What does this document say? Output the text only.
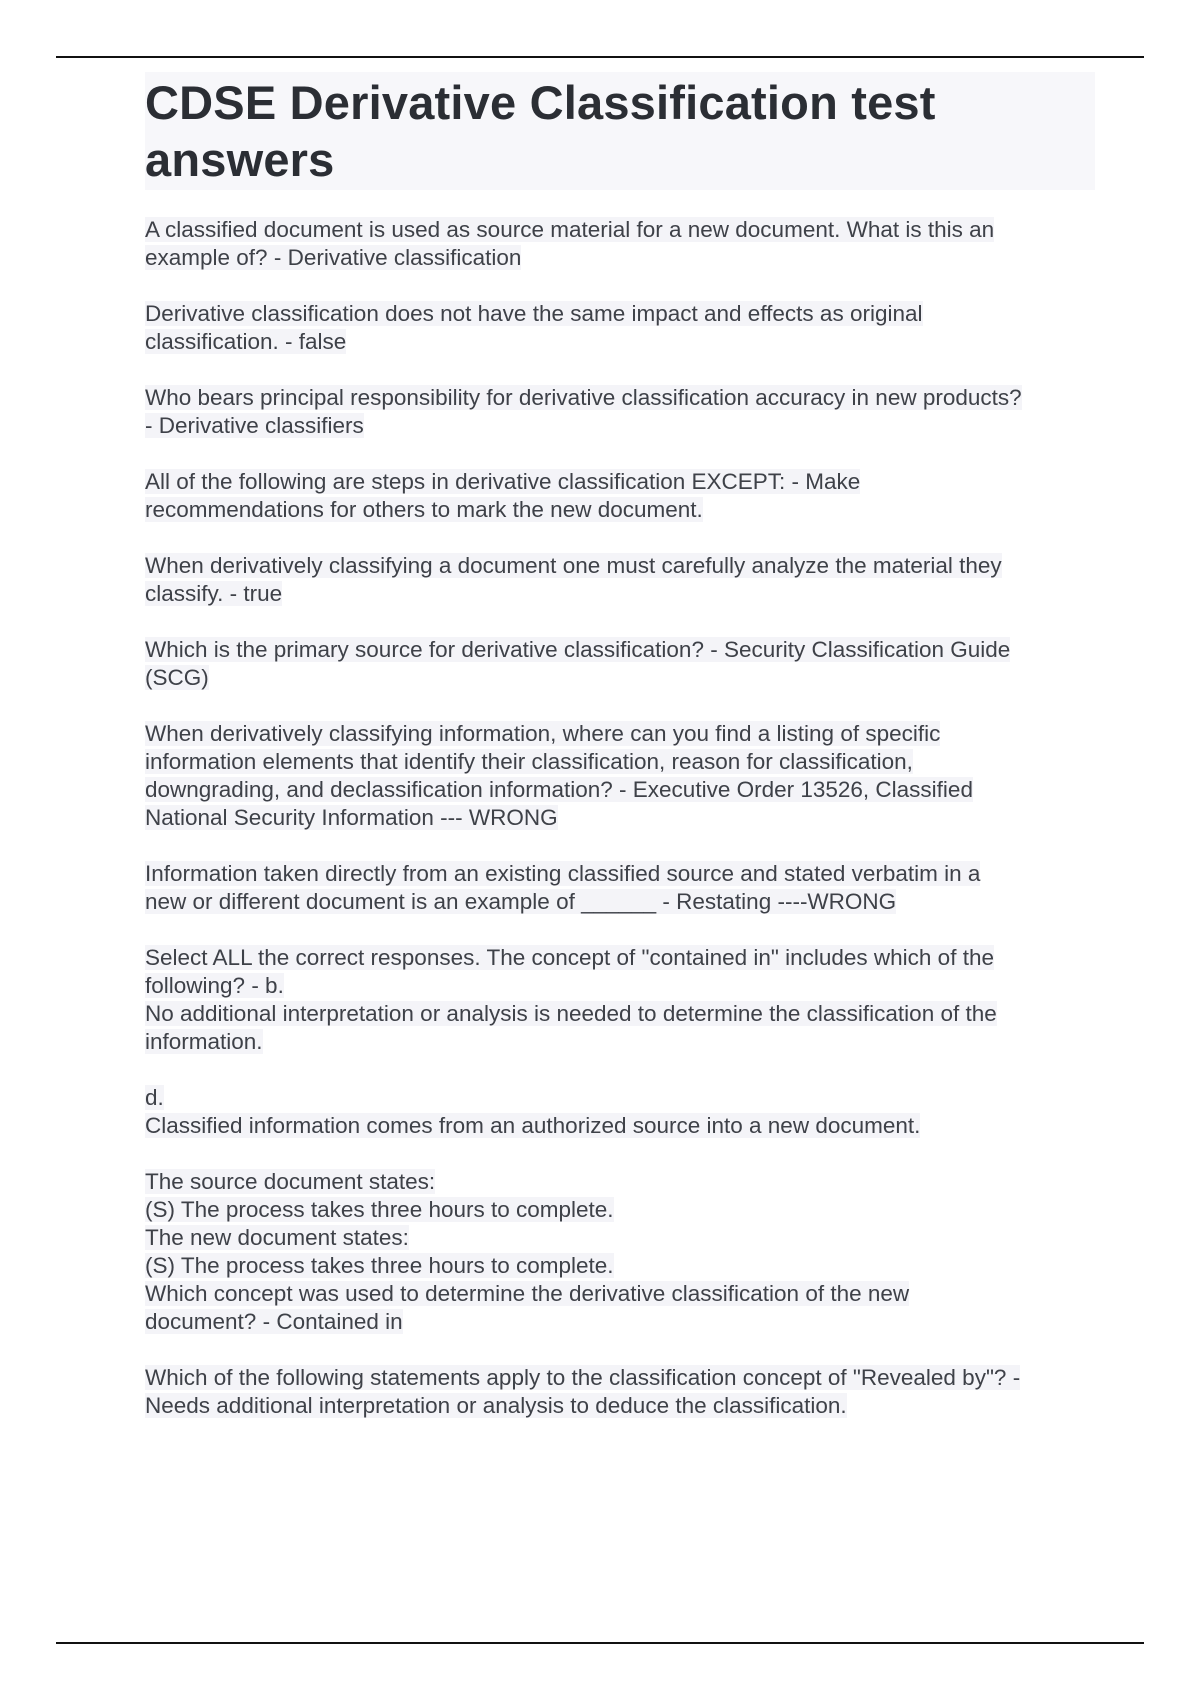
CDSE Derivative Classification test answers
A classified document is used as source material for a new document. What is this an
example of? - Derivative classification
Derivative classification does not have the same impact and effects as original
classification. - false
Who bears principal responsibility for derivative classification accuracy in new products?
- Derivative classifiers
All of the following are steps in derivative classification EXCEPT: - Make
recommendations for others to mark the new document.
When derivatively classifying a document one must carefully analyze the material they
classify. - true
Which is the primary source for derivative classification? - Security Classification Guide
(SCG)
When derivatively classifying information, where can you find a listing of specific
information elements that identify their classification, reason for classification,
downgrading, and declassification information? - Executive Order 13526, Classified
National Security Information --- WRONG
Information taken directly from an existing classified source and stated verbatim in a
new or different document is an example of ______ - Restating ----WRONG
Select ALL the correct responses. The concept of "contained in" includes which of the
following? - b.
No additional interpretation or analysis is needed to determine the classification of the
information.
d.
Classified information comes from an authorized source into a new document.
The source document states:
(S) The process takes three hours to complete.
The new document states:
(S) The process takes three hours to complete.
Which concept was used to determine the derivative classification of the new
document? - Contained in
Which of the following statements apply to the classification concept of "Revealed by"? -
Needs additional interpretation or analysis to deduce the classification.
